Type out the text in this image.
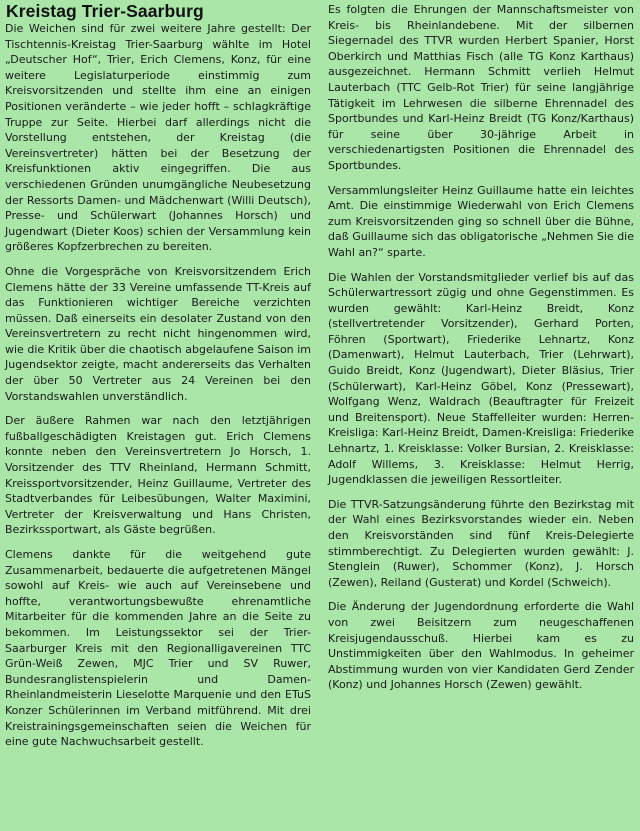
Kreistag Trier-Saarburg

Die Weichen sind für zwei weitere Jahre gestellt: Der Tischtennis-Kreistag Trier-Saarburg wählte im Hotel „Deutscher Hof“, Trier, Erich Clemens, Konz, für eine weitere Legislaturperiode einstimmig zum Kreisvorsitzenden und stellte ihm eine an einigen Positionen veränderte – wie jeder hofft – schlagkräftige Truppe zur Seite. Hierbei darf allerdings nicht die Vorstellung entstehen, der Kreistag (die Vereinsvertreter) hätten bei der Besetzung der Kreisfunktionen aktiv eingegriffen. Die aus verschiedenen Gründen unumgängliche Neubesetzung der Ressorts Damen- und Mädchenwart (Willi Deutsch), Presse- und Schülerwart (Johannes Horsch) und Jugendwart (Dieter Koos) schien der Versammlung kein größeres Kopfzerbrechen zu bereiten.

Ohne die Vorgespräche von Kreisvorsitzendem Erich Clemens hätte der 33 Vereine umfassende TT-Kreis auf das Funktionieren wichtiger Bereiche verzichten müssen. Daß einerseits ein desolater Zustand von den Vereinsvertretern zu recht nicht hingenommen wird, wie die Kritik über die chaotisch abgelaufene Saison im Jugendsektor zeigte, macht andererseits das Verhalten der über 50 Vertreter aus 24 Vereinen bei den Vorstandswahlen unverständlich.

Der äußere Rahmen war nach den letztjährigen fußballgeschädigten Kreistagen gut. Erich Clemens konnte neben den Vereinsvertretern Jo Horsch, 1. Vorsitzender des TTV Rheinland, Hermann Schmitt, Kreissportvorsitzender, Heinz Guillaume, Vertreter des Stadtverbandes für Leibesübungen, Walter Maximini, Vertreter der Kreisverwaltung und Hans Christen, Bezirkssportwart, als Gäste begrüßen.

Clemens dankte für die weitgehend gute Zusammenarbeit, bedauerte die aufgetretenen Mängel sowohl auf Kreis- wie auch auf Vereinsebene und hoffte, verantwortungsbewußte ehrenamtliche Mitarbeiter für die kommenden Jahre an die Seite zu bekommen. Im Leistungssektor sei der Trier-Saarburger Kreis mit den Regionalligavereinen TTC Grün-Weiß Zewen, MJC Trier und SV Ruwer, Bundesranglistenspielerin und Damen-Rheinlandmeisterin Lieselotte Marquenie und den ETuS Konzer Schülerinnen im Verband mitführend. Mit drei Kreistrainingsgemeinschaften seien die Weichen für eine gute Nachwuchsarbeit gestellt.

Es folgten die Ehrungen der Mannschaftsmeister von Kreis- bis Rheinlandebene. Mit der silbernen Siegernadel des TTVR wurden Herbert Spanier, Horst Oberkirch und Matthias Fisch (alle TG Konz Karthaus) ausgezeichnet. Hermann Schmitt verlieh Helmut Lauterbach (TTC Gelb-Rot Trier) für seine langjährige Tätigkeit im Lehrwesen die silberne Ehrennadel des Sportbundes und Karl-Heinz Breidt (TG Konz/Karthaus) für seine über 30-jährige Arbeit in verschiedenartigsten Positionen die Ehrennadel des Sportbundes.

Versammlungsleiter Heinz Guillaume hatte ein leichtes Amt. Die einstimmige Wiederwahl von Erich Clemens zum Kreisvorsitzenden ging so schnell über die Bühne, daß Guillaume sich das obligatorische „Nehmen Sie die Wahl an?“ sparte.

Die Wahlen der Vorstandsmitglieder verlief bis auf das Schülerwartressort zügig und ohne Gegenstimmen. Es wurden gewählt: Karl-Heinz Breidt, Konz (stellvertretender Vorsitzender), Gerhard Porten, Föhren (Sportwart), Friederike Lehnartz, Konz (Damenwart), Helmut Lauterbach, Trier (Lehrwart), Guido Breidt, Konz (Jugendwart), Dieter Bläsius, Trier (Schülerwart), Karl-Heinz Göbel, Konz (Pressewart), Wolfgang Wenz, Waldrach (Beauftragter für Freizeit und Breitensport). Neue Staffelleiter wurden: Herren-Kreisliga: Karl-Heinz Breidt, Damen-Kreisliga: Friederike Lehnartz, 1. Kreisklasse: Volker Bursian, 2. Kreisklasse: Adolf Willems, 3. Kreisklasse: Helmut Herrig, Jugendklassen die jeweiligen Ressortleiter.

Die TTVR-Satzungsänderung führte den Bezirkstag mit der Wahl eines Bezirksvorstandes wieder ein. Neben den Kreisvorständen sind fünf Kreis-Delegierte stimmberechtigt. Zu Delegierten wurden gewählt: J. Stenglein (Ruwer), Schommer (Konz), J. Horsch (Zewen), Reiland (Gusterat) und Kordel (Schweich).

Die Änderung der Jugendordnung erforderte die Wahl von zwei Beisitzern zum neugeschaffenen Kreisjugendausschuß. Hierbei kam es zu Unstimmigkeiten über den Wahlmodus. In geheimer Abstimmung wurden von vier Kandidaten Gerd Zender (Konz) und Johannes Horsch (Zewen) gewählt.
